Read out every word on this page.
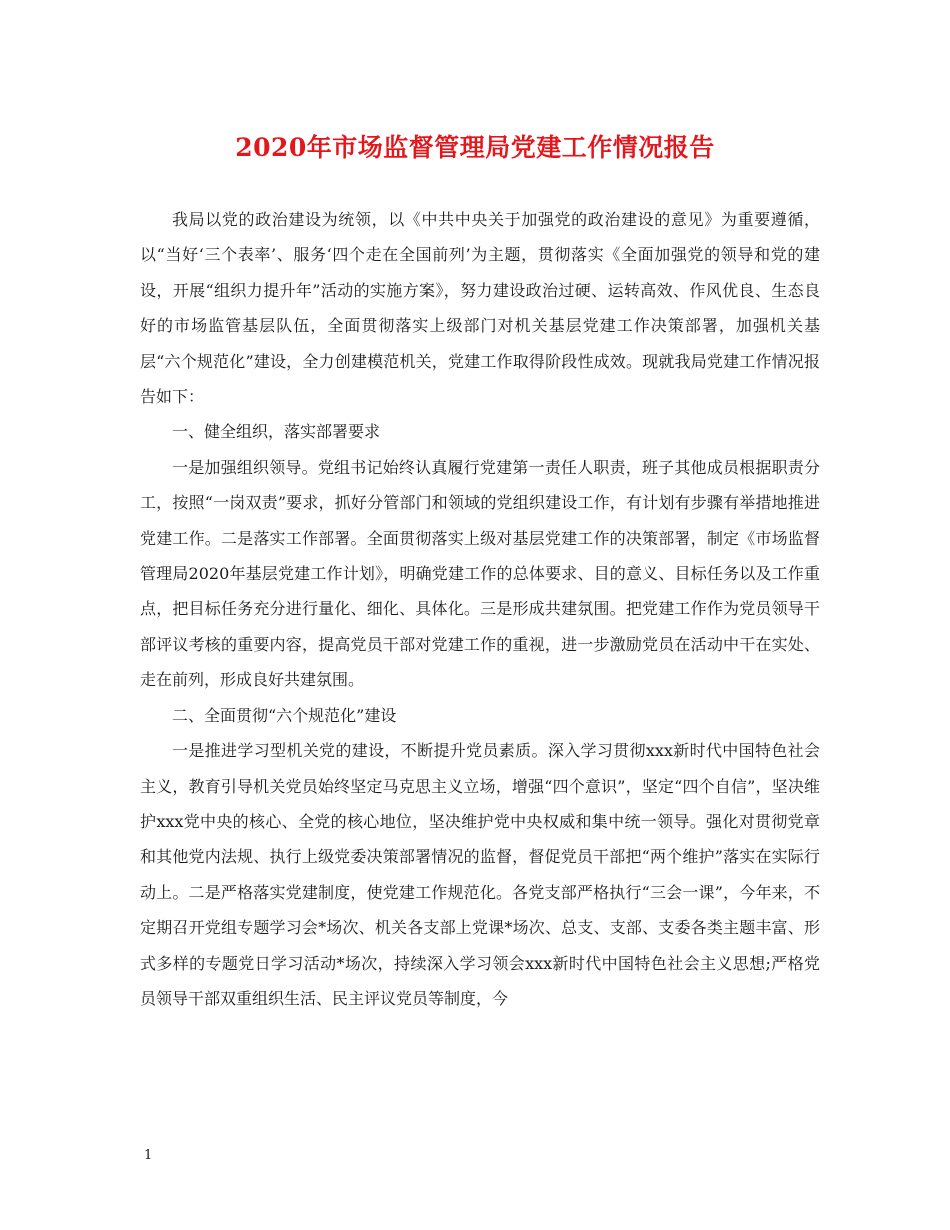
2020年市场监督管理局党建工作情况报告

我局以党的政治建设为统领，以《中共中央关于加强党的政治建设的意见》为重要遵循，以“当好‘三个表率’、服务‘四个走在全国前列’为主题，贯彻落实《全面加强党的领导和党的建设，开展“组织力提升年”活动的实施方案》，努力建设政治过硬、运转高效、作风优良、生态良好的市场监管基层队伍，全面贯彻落实上级部门对机关基层党建工作决策部署，加强机关基层“六个规范化”建设，全力创建模范机关，党建工作取得阶段性成效。现就我局党建工作情况报告如下：

一、健全组织，落实部署要求

一是加强组织领导。党组书记始终认真履行党建第一责任人职责，班子其他成员根据职责分工，按照“一岗双责”要求，抓好分管部门和领域的党组织建设工作，有计划有步骤有举措地推进党建工作。二是落实工作部署。全面贯彻落实上级对基层党建工作的决策部署，制定《市场监督管理局2020年基层党建工作计划》，明确党建工作的总体要求、目的意义、目标任务以及工作重点，把目标任务充分进行量化、细化、具体化。三是形成共建氛围。把党建工作作为党员领导干部评议考核的重要内容，提高党员干部对党建工作的重视，进一步激励党员在活动中干在实处、走在前列，形成良好共建氛围。

二、全面贯彻“六个规范化”建设

一是推进学习型机关党的建设，不断提升党员素质。深入学习贯彻xxx新时代中国特色社会主义，教育引导机关党员始终坚定马克思主义立场，增强“四个意识”，坚定“四个自信”，坚决维护xxx党中央的核心、全党的核心地位，坚决维护党中央权威和集中统一领导。强化对贯彻党章和其他党内法规、执行上级党委决策部署情况的监督，督促党员干部把“两个维护”落实在实际行动上。二是严格落实党建制度，使党建工作规范化。各党支部严格执行“三会一课”，今年来，不定期召开党组专题学习会*场次、机关各支部上党课*场次、总支、支部、支委各类主题丰富、形式多样的专题党日学习活动*场次，持续深入学习领会xxx新时代中国特色社会主义思想;严格党员领导干部双重组织生活、民主评议党员等制度，今

1
